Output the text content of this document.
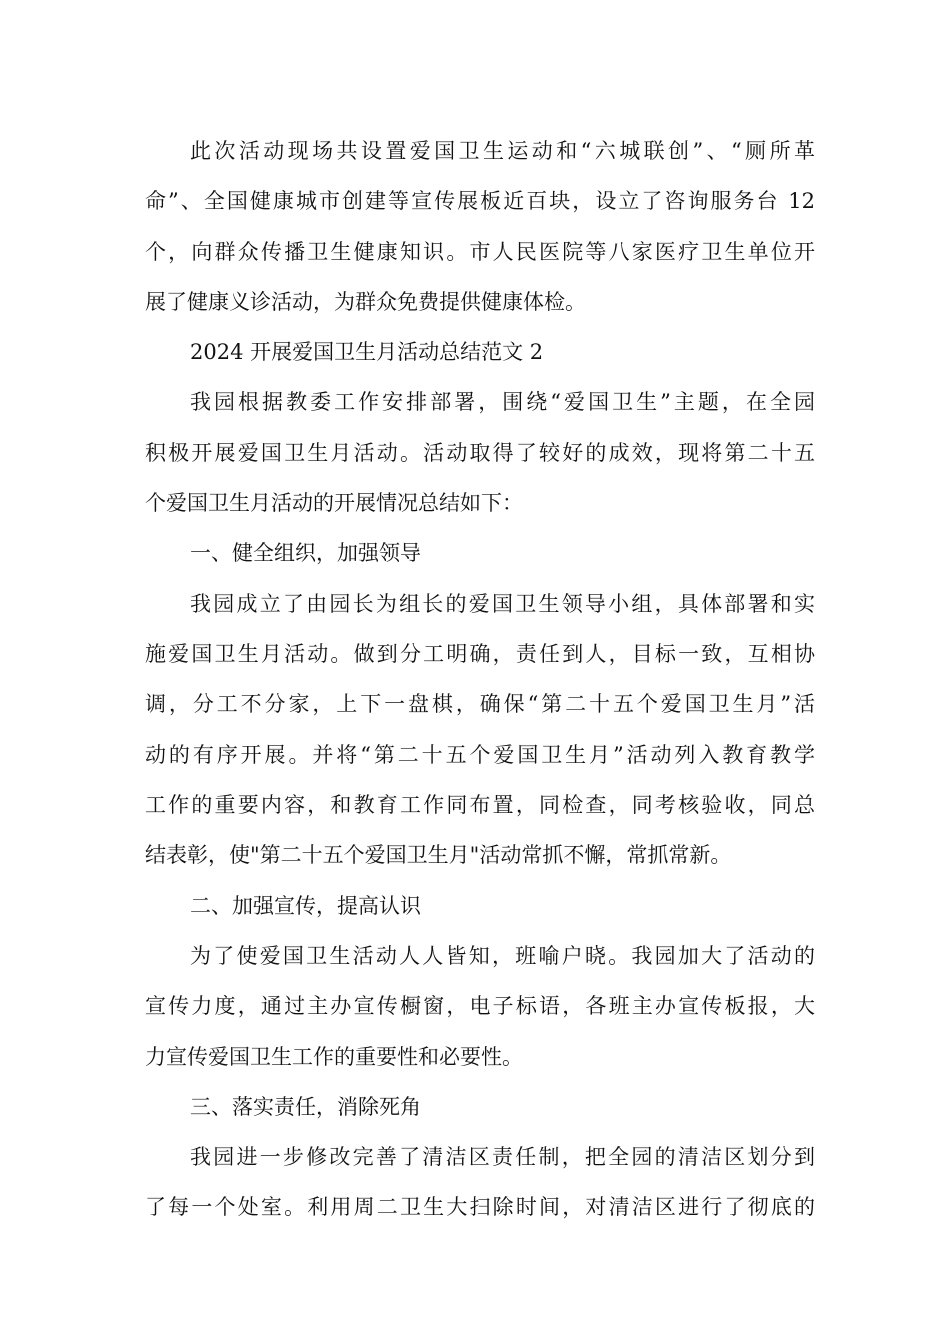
此次活动现场共设置爱国卫生运动和“六城联创”、“厕所革

命”、全国健康城市创建等宣传展板近百块，设立了咨询服务台 12

个，向群众传播卫生健康知识。市人民医院等八家医疗卫生单位开

展了健康义诊活动，为群众免费提供健康体检。

2024 开展爱国卫生月活动总结范文 2

我园根据教委工作安排部署，围绕“爱国卫生”主题，在全园

积极开展爱国卫生月活动。活动取得了较好的成效，现将第二十五

个爱国卫生月活动的开展情况总结如下：

一、健全组织，加强领导

我园成立了由园长为组长的爱国卫生领导小组，具体部署和实

施爱国卫生月活动。做到分工明确，责任到人，目标一致，互相协

调，分工不分家，上下一盘棋，确保“第二十五个爱国卫生月”活

动的有序开展。并将“第二十五个爱国卫生月”活动列入教育教学

工作的重要内容，和教育工作同布置，同检查，同考核验收，同总

结表彰，使"第二十五个爱国卫生月"活动常抓不懈，常抓常新。

二、加强宣传，提高认识

为了使爱国卫生活动人人皆知，班喻户晓。我园加大了活动的

宣传力度，通过主办宣传橱窗，电子标语，各班主办宣传板报，大

力宣传爱国卫生工作的重要性和必要性。

三、落实责任，消除死角

我园进一步修改完善了清洁区责任制，把全园的清洁区划分到

了每一个处室。利用周二卫生大扫除时间，对清洁区进行了彻底的
